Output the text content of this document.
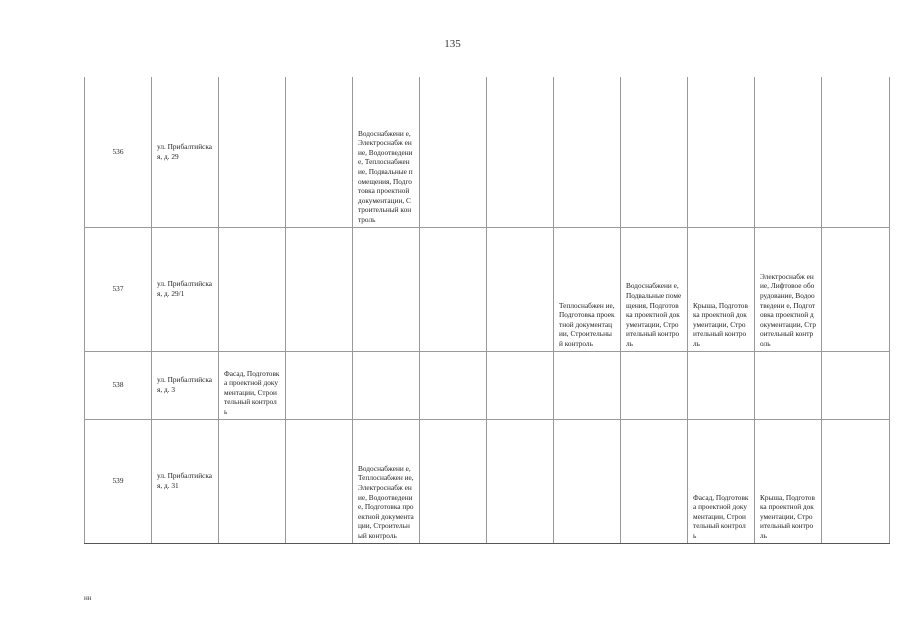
135
536	ул. Прибалтийска я, д. 29			Водоснабжени е, Электроснабж ение, Водоотведени е, Теплоснабжен ие, Подвальные помещения, Подготовка проектной документации, Строительный контроль							
537	ул. Прибалтийска я, д. 29/1						Теплоснабжен ие, Подготовка проектной документации, Строительный контроль	Водоснабжени е, Подвальные помещения, Подготовка проектной документации, Строительный контроль	Крыша, Подготовка проектной документации, Строительный контроль	Электроснабж ение, Лифтовое оборудование, Водоотведени е, Подготовка проектной документации, Строительный контроль	
538	ул. Прибалтийска я, д. 3	Фасад, Подготовка проектной документации, Строительный контроль									
539	ул. Прибалтийска я, д. 31			Водоснабжени е, Теплоснабжен ие, Электроснабж ение, Водоотведени е, Подготовка проектной документации, Строительный контроль					Фасад, Подготовка проектной документации, Строительный контроль	Крыша, Подготовка проектной документации, Строительный контроль	
нн
